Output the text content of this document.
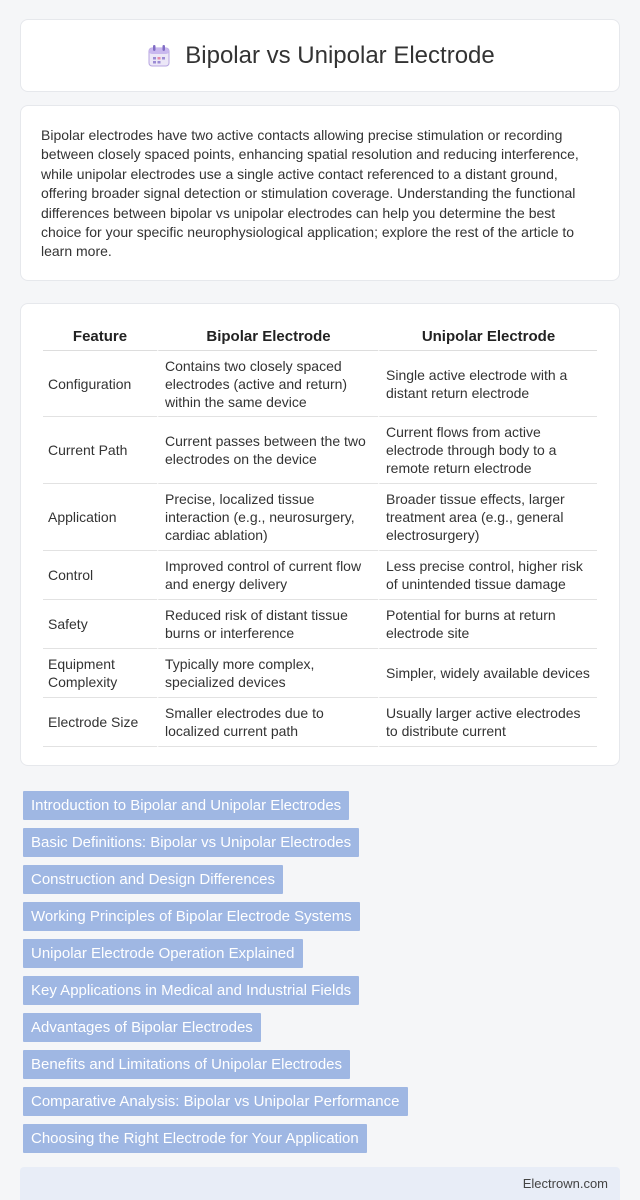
Bipolar vs Unipolar Electrode

Bipolar electrodes have two active contacts allowing precise stimulation or recording between closely spaced points, enhancing spatial resolution and reducing interference, while unipolar electrodes use a single active contact referenced to a distant ground, offering broader signal detection or stimulation coverage. Understanding the functional differences between bipolar vs unipolar electrodes can help you determine the best choice for your specific neurophysiological application; explore the rest of the article to learn more.

Feature	Bipolar Electrode	Unipolar Electrode
Configuration	Contains two closely spaced electrodes (active and return) within the same device	Single active electrode with a distant return electrode
Current Path	Current passes between the two electrodes on the device	Current flows from active electrode through body to a remote return electrode
Application	Precise, localized tissue interaction (e.g., neurosurgery, cardiac ablation)	Broader tissue effects, larger treatment area (e.g., general electrosurgery)
Control	Improved control of current flow and energy delivery	Less precise control, higher risk of unintended tissue damage
Safety	Reduced risk of distant tissue burns or interference	Potential for burns at return electrode site
Equipment Complexity	Typically more complex, specialized devices	Simpler, widely available devices
Electrode Size	Smaller electrodes due to localized current path	Usually larger active electrodes to distribute current
Introduction to Bipolar and Unipolar Electrodes
Basic Definitions: Bipolar vs Unipolar Electrodes
Construction and Design Differences
Working Principles of Bipolar Electrode Systems
Unipolar Electrode Operation Explained
Key Applications in Medical and Industrial Fields
Advantages of Bipolar Electrodes
Benefits and Limitations of Unipolar Electrodes
Comparative Analysis: Bipolar vs Unipolar Performance
Choosing the Right Electrode for Your Application
Electrown.com
